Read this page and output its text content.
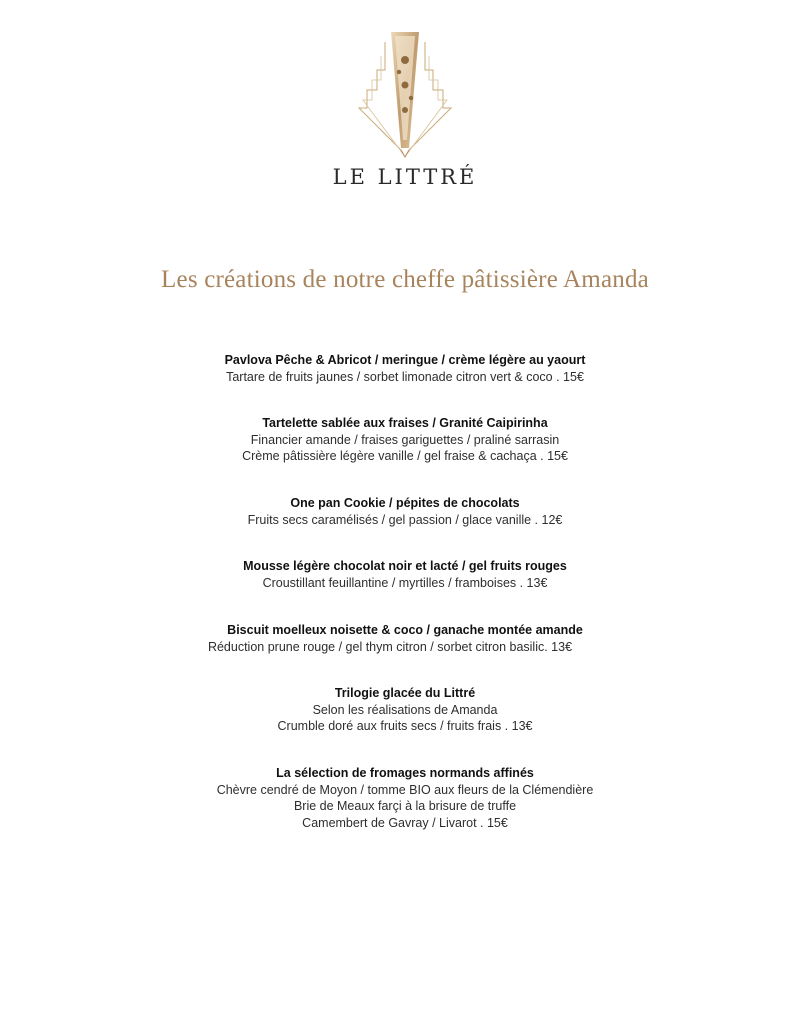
LE LITTRÉ
Les créations de notre cheffe pâtissière Amanda
Pavlova Pêche & Abricot / meringue / crème légère au yaourt
Tartare de fruits jaunes / sorbet limonade citron vert & coco . 15€
Tartelette sablée aux fraises / Granité Caipirinha
Financier amande / fraises gariguettes / praliné sarrasin
Crème pâtissière légère vanille / gel fraise & cachaça . 15€
One pan Cookie / pépites de chocolats
Fruits secs caramélisés / gel passion / glace vanille . 12€
Mousse légère chocolat noir et lacté / gel fruits rouges
Croustillant feuillantine / myrtilles / framboises . 13€
Biscuit moelleux noisette & coco / ganache montée amande
Réduction prune rouge / gel thym citron / sorbet citron basilic. 13€
Trilogie glacée du Littré
Selon les réalisations de Amanda
Crumble doré aux fruits secs / fruits frais . 13€
La sélection de fromages normands affinés
Chèvre cendré de Moyon / tomme BIO aux fleurs de la Clémendière
Brie de Meaux farçi à la brisure de truffe
Camembert de Gavray / Livarot . 15€
